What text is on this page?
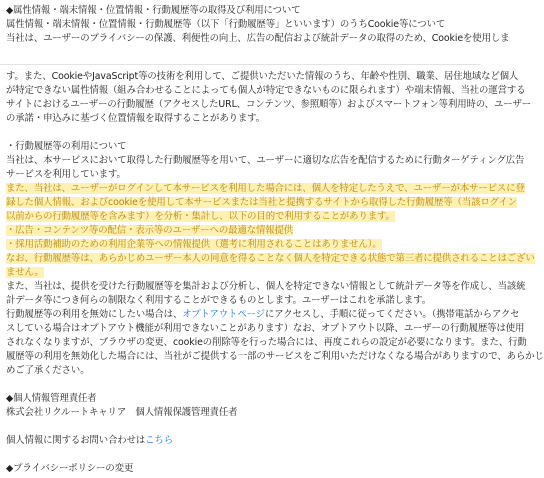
◆属性情報・端末情報・位置情報・行動履歴等の取得及び利用について
属性情報・端末情報・位置情報・行動履歴等（以下「行動履歴等」といいます）のうちCookie等について
当社は、ユーザーのプライバシーの保護、利便性の向上、広告の配信および統計データの取得のため、Cookieを使用しま
す。また、CookieやJavaScript等の技術を利用して、ご提供いただいた情報のうち、年齢や性別、職業、居住地域など個人
が特定できない属性情報（組み合わせることによっても個人が特定できないものに限られます）や端末情報、当社の運営する
サイトにおけるユーザーの行動履歴（アクセスしたURL、コンテンツ、参照順等）およびスマートフォン等利用時の、ユーザー
の承諾・申込みに基づく位置情報を取得することがあります。
・行動履歴等の利用について
当社は、本サービスにおいて取得した行動履歴等を用いて、ユーザーに適切な広告を配信するために行動ターゲティング広告
サービスを利用しています。
また、当社は、ユーザーがログインして本サービスを利用した場合には、個人を特定したうえで、ユーザーが本サービスに登
録した個人情報、およびcookieを使用して本サービスまたは当社と提携するサイトから取得した行動履歴等（当該ログイン
以前からの行動履歴等を含みます）を分析・集計し、以下の目的で利用することがあります。
・広告・コンテンツ等の配信・表示等のユーザーへの最適な情報提供
・採用活動補助のための利用企業等への情報提供（選考に利用されることはありません）。
なお、行動履歴等は、あらかじめユーザー本人の同意を得ることなく個人を特定できる状態で第三者に提供されることはござい
ません。
また、当社は、提供を受けた行動履歴等を集計および分析し、個人を特定できない情報として統計データ等を作成し、当該統
計データ等につき何らの制限なく利用することができるものとします。ユーザーはこれを承諾します。
行動履歴等の利用を無効にしたい場合は、オプトアウトページにアクセスし、手順に従ってください。（携帯電話からアクセ
スしている場合はオプトアウト機能が利用できないことがあります）なお、オプトアウト以降、ユーザーの行動履歴等は使用
されなくなりますが、ブラウザの変更、cookieの削除等を行った場合には、再度これらの設定が必要になります。また、行動
履歴等の利用を無効化した場合には、当社がご提供する一部のサービスをご利用いただけなくなる場合がありますので、あらかじ
めご了承ください。
◆個人情報管理責任者
株式会社リクルートキャリア　個人情報保護管理責任者
個人情報に関するお問い合わせはこちら
◆プライバシーポリシーの変更
